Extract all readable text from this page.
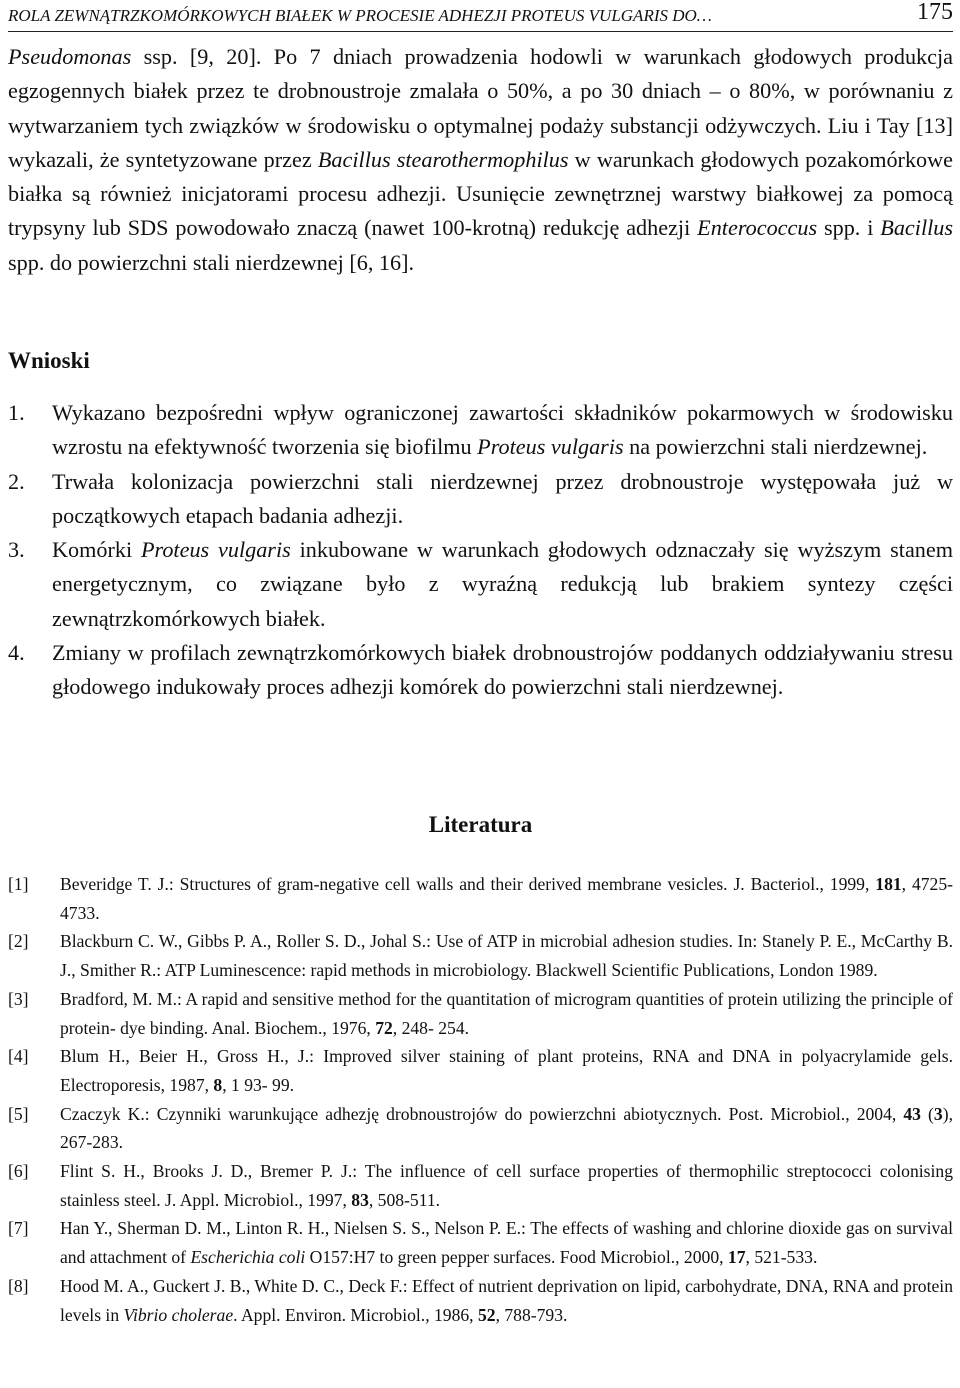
ROLA ZEWNĄTRZKOMÓRKOWYCH BIAŁEK W PROCESIE ADHEZJI PROTEUS VULGARIS DO…	175

Pseudomonas ssp. [9, 20]. Po 7 dniach prowadzenia hodowli w warunkach głodowych produkcja egzogennych białek przez te drobnoustroje zmalała o 50%, a po 30 dniach – o 80%, w porównaniu z wytwarzaniem tych związków w środowisku o optymalnej podaży substancji odżywczych. Liu i Tay [13] wykazali, że syntetyzowane przez Bacillus stearothermophilus w warunkach głodowych pozakomórkowe białka są również inicjatorami procesu adhezji. Usunięcie zewnętrznej warstwy białkowej za pomocą trypsyny lub SDS powodowało znaczą (nawet 100-krotną) redukcję adhezji Enterococcus spp. i Bacillus spp. do powierzchni stali nierdzewnej [6, 16].

Wnioski
1.	Wykazano bezpośredni wpływ ograniczonej zawartości składników pokarmowych w środowisku wzrostu na efektywność tworzenia się biofilmu Proteus vulgaris na powierzchni stali nierdzewnej.
2.	Trwała kolonizacja powierzchni stali nierdzewnej przez drobnoustroje występowała już w początkowych etapach badania adhezji.
3.	Komórki Proteus vulgaris inkubowane w warunkach głodowych odznaczały się wyższym stanem energetycznym, co związane było z wyraźną redukcją lub brakiem syntezy części zewnątrzkomórkowych białek.
4.	Zmiany w profilach zewnątrzkomórkowych białek drobnoustrojów poddanych oddziaływaniu stresu głodowego indukowały proces adhezji komórek do powierzchni stali nierdzewnej.
Literatura
[1]	Beveridge T. J.: Structures of gram-negative cell walls and their derived membrane vesicles. J. Bacteriol., 1999, 181, 4725- 4733.
[2]	Blackburn C. W., Gibbs P. A., Roller S. D., Johal S.: Use of ATP in microbial adhesion studies. In: Stanely P. E., McCarthy B. J., Smither R.: ATP Luminescence: rapid methods in microbiology. Blackwell Scientific Publications, London 1989.
[3]	Bradford, M. M.: A rapid and sensitive method for the quantitation of microgram quantities of protein utilizing the principle of protein- dye binding. Anal. Biochem., 1976, 72, 248- 254.
[4]	Blum H., Beier H., Gross H., J.: Improved silver staining of plant proteins, RNA and DNA in polyacrylamide gels. Electroporesis, 1987, 8, 1 93- 99.
[5]	Czaczyk K.: Czynniki warunkujące adhezję drobnoustrojów do powierzchni abiotycznych. Post. Microbiol., 2004, 43 (3), 267-283.
[6]	Flint S. H., Brooks J. D., Bremer P. J.: The influence of cell surface properties of thermophilic streptococci colonising stainless steel. J. Appl. Microbiol., 1997, 83, 508-511.
[7]	Han Y., Sherman D. M., Linton R. H., Nielsen S. S., Nelson P. E.: The effects of washing and chlorine dioxide gas on survival and attachment of Escherichia coli O157:H7 to green pepper surfaces. Food Microbiol., 2000, 17, 521-533.
[8]	Hood M. A., Guckert J. B., White D. C., Deck F.: Effect of nutrient deprivation on lipid, carbohydrate, DNA, RNA and protein levels in Vibrio cholerae. Appl. Environ. Microbiol., 1986, 52, 788-793.
